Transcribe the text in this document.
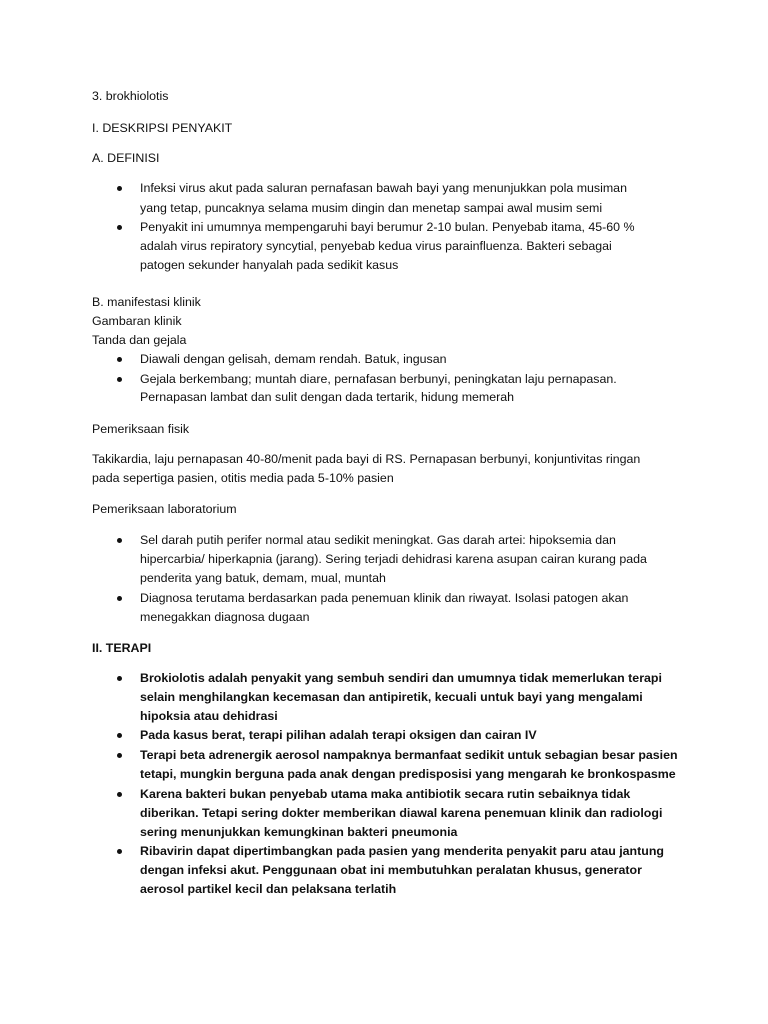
3. brokhiolotis
I. DESKRIPSI PENYAKIT
A. DEFINISI
Infeksi virus akut pada saluran pernafasan bawah bayi yang menunjukkan pola musiman
yang tetap, puncaknya selama musim dingin dan menetap sampai awal musim semi
Penyakit ini umumnya mempengaruhi bayi berumur 2-10 bulan. Penyebab itama, 45-60 %
adalah virus repiratory syncytial, penyebab kedua virus parainfluenza. Bakteri sebagai
patogen sekunder hanyalah pada sedikit kasus
B. manifestasi klinik
Gambaran klinik
Tanda dan gejala
Diawali dengan gelisah, demam rendah. Batuk, ingusan
Gejala berkembang; muntah diare, pernafasan berbunyi, peningkatan laju pernapasan.
Pernapasan lambat dan sulit dengan dada tertarik, hidung memerah
Pemeriksaan fisik
Takikardia, laju pernapasan 40-80/menit pada bayi di RS. Pernapasan berbunyi, konjuntivitas ringan
pada sepertiga pasien, otitis media pada 5-10% pasien
Pemeriksaan laboratorium
Sel darah putih perifer normal atau sedikit meningkat. Gas darah artei: hipoksemia dan
hipercarbia/ hiperkapnia (jarang). Sering terjadi dehidrasi karena asupan cairan kurang pada
penderita yang batuk, demam, mual, muntah
Diagnosa terutama berdasarkan pada penemuan klinik dan riwayat. Isolasi patogen akan
menegakkan diagnosa dugaan
II. TERAPI
Brokiolotis adalah penyakit yang sembuh sendiri dan umumnya tidak memerlukan terapi
selain menghilangkan kecemasan dan antipiretik, kecuali untuk bayi yang mengalami
hipoksia atau dehidrasi
Pada kasus berat, terapi pilihan adalah terapi oksigen dan cairan IV
Terapi beta adrenergik aerosol nampaknya bermanfaat sedikit untuk sebagian besar pasien
tetapi, mungkin berguna pada anak dengan predisposisi yang mengarah ke bronkospasme
Karena bakteri bukan penyebab utama maka antibiotik secara rutin sebaiknya tidak
diberikan. Tetapi sering dokter memberikan diawal karena penemuan klinik dan radiologi
sering menunjukkan kemungkinan bakteri pneumonia
Ribavirin dapat dipertimbangkan pada pasien yang menderita penyakit paru atau jantung
dengan infeksi akut. Penggunaan obat ini membutuhkan peralatan khusus, generator
aerosol partikel kecil dan pelaksana terlatih
